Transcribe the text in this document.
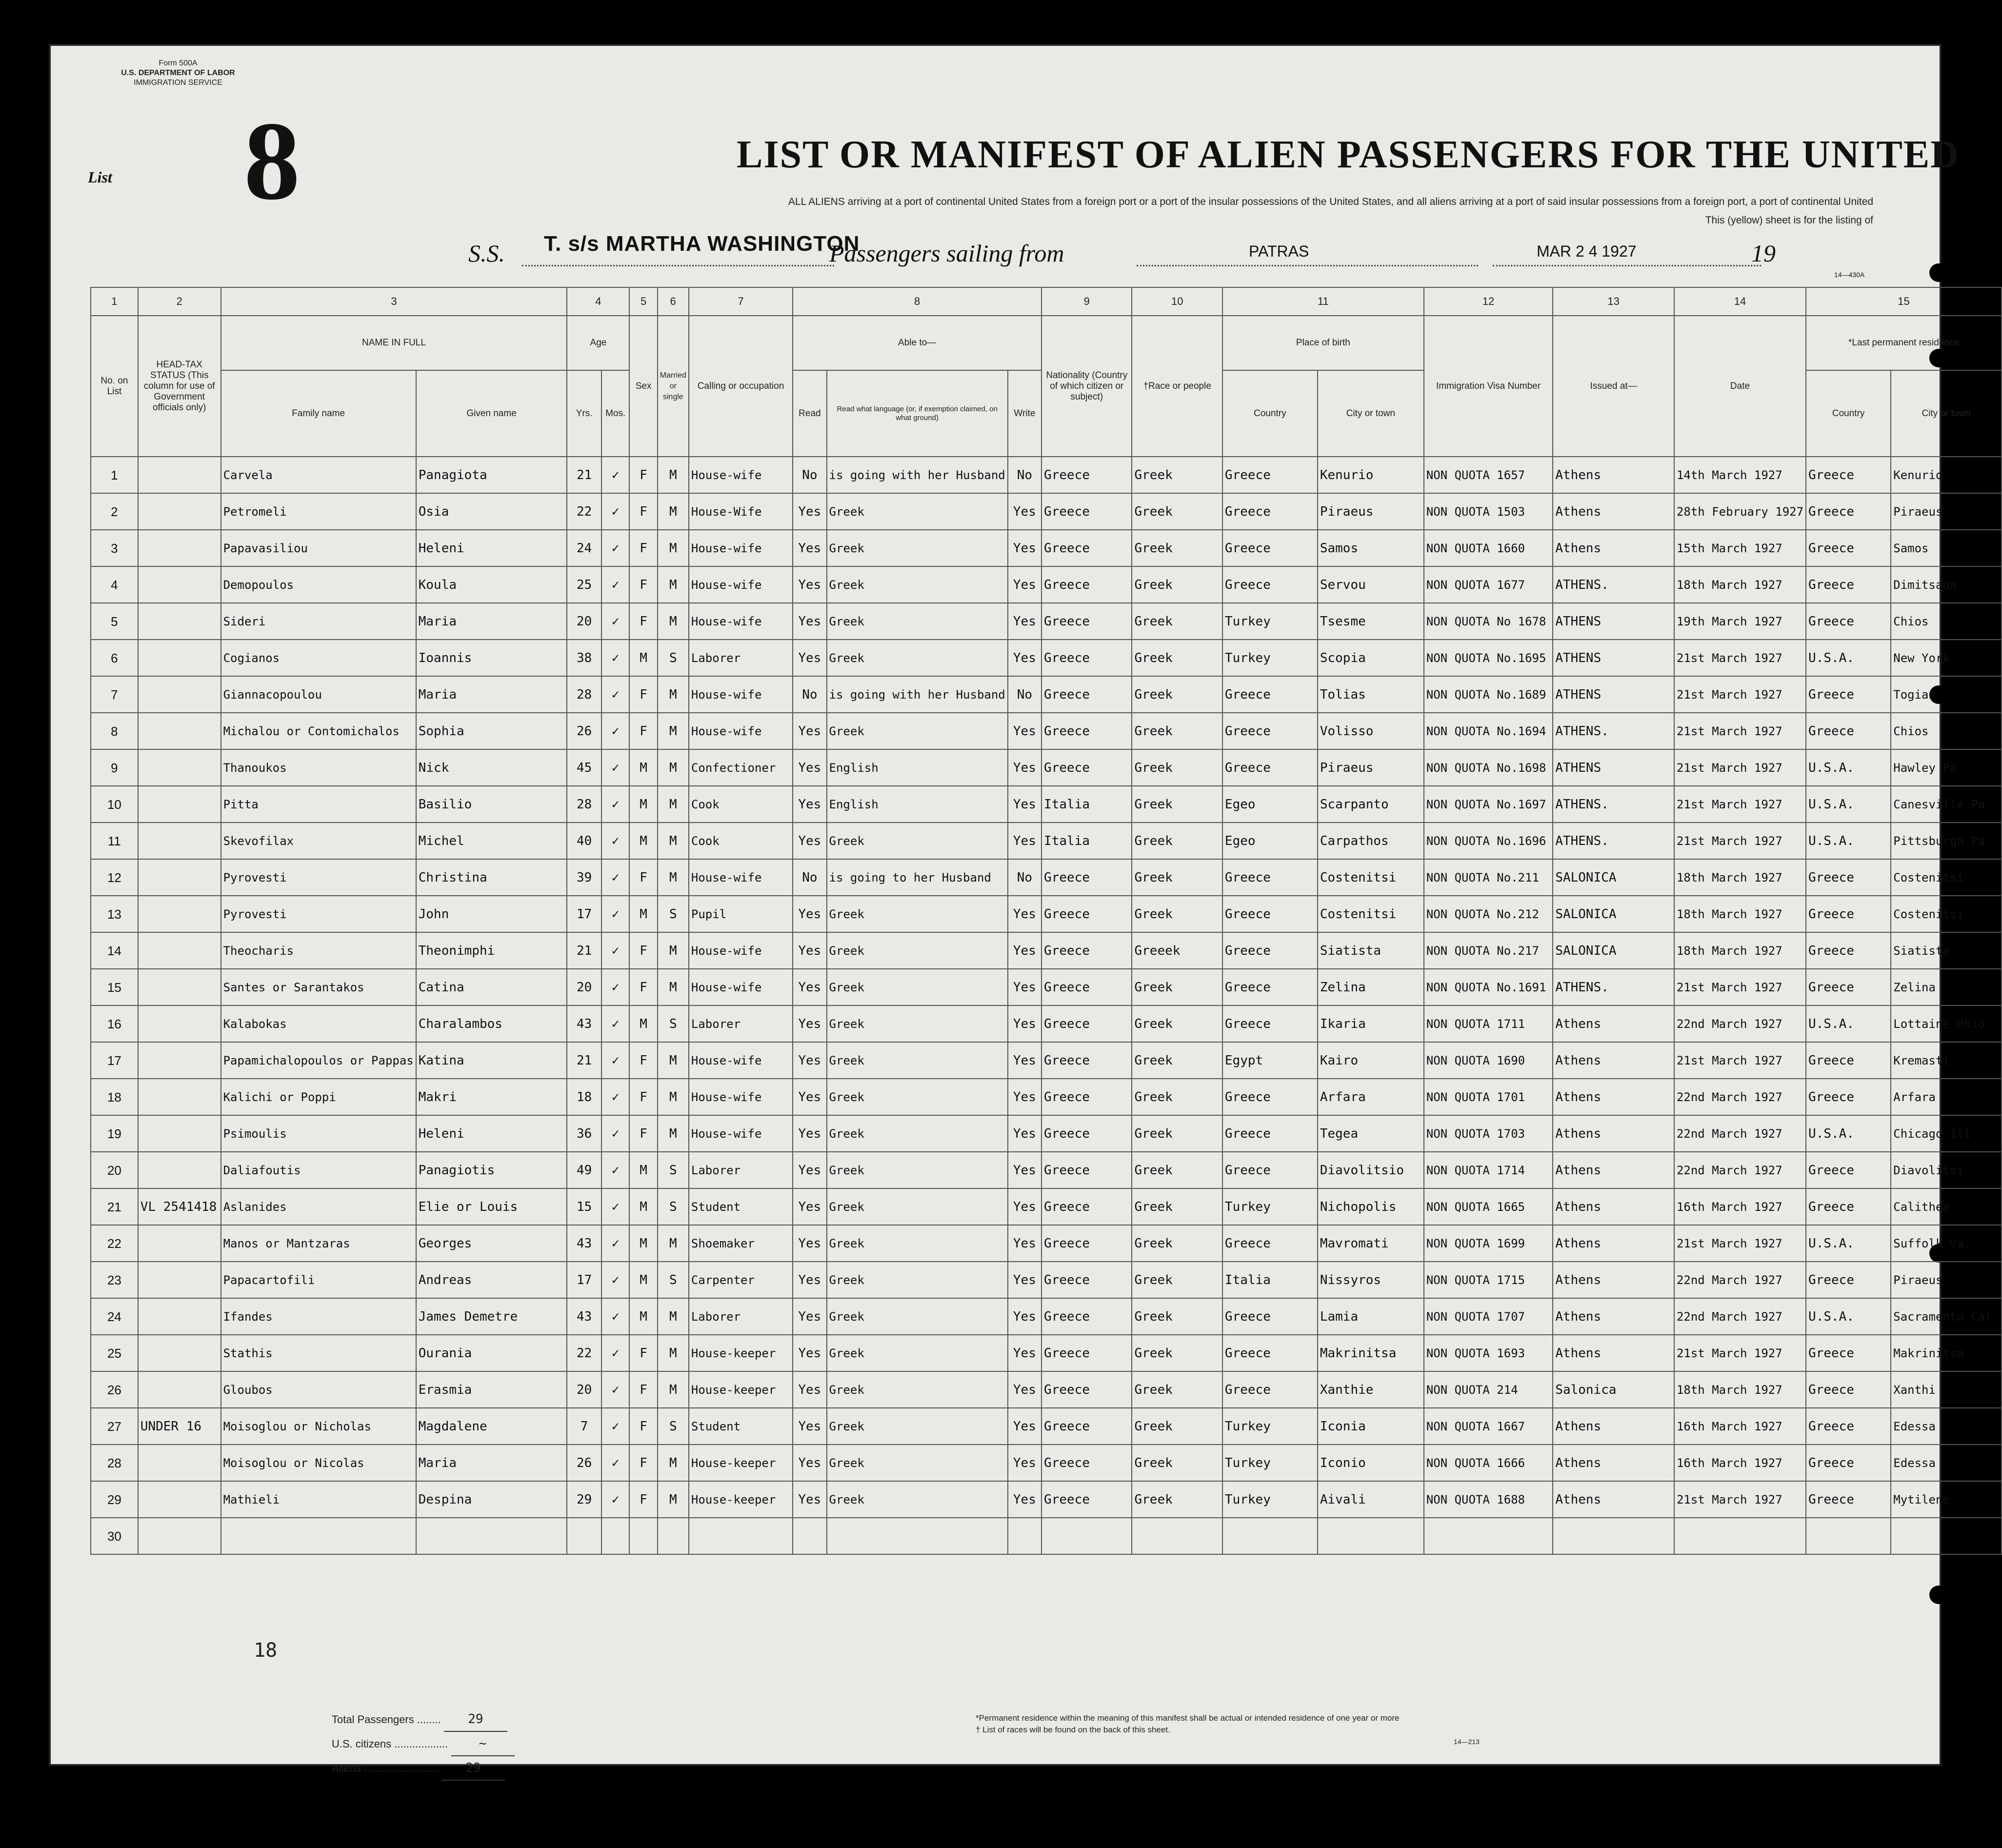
Form 500A
U.S. DEPARTMENT OF LABOR
IMMIGRATION SERVICE
List 8	LIST OR MANIFEST OF ALIEN PASSENGERS FOR THE UNITED
ALL ALIENS arriving at a port of continental United States from a foreign port or a port of the insular possessions of the United States, and all aliens arriving at a port of said insular possessions from a foreign port, a port of continental United
This (yellow) sheet is for the listing of
S.S. T. s/s MARTHA WASHINGTON
Passengers sailing from	PATRAS	MAR 2 4 1927	19
14—430A
1	2	3		4		5	6	7	8			9	10	11		12	13	14	15	
No. on List	HEAD-TAX STATUS (This column for use of Government officials only)	NAME IN FULL		Age		Sex	Married or single	Calling or occupation	Able to—			Nationality (Country of which citizen or subject)	†Race or people	Place of birth		Immigration Visa Number	Issued at—	Date	*Last permanent residence	
		Family name	Given name	Yrs.	Mos.				Read	Read what language (or, if exemption claimed, on what ground)	Write			Country	City or town				Country	City or town
1		Carvela	Panagiota	21	✓	F	M	House-wife	No	is going with her Husband	No	Greece	Greek	Greece	Kenurio	NON QUOTA 1657	Athens	14th March 1927	Greece	Kenurio
2		Petromeli	Osia	22	✓	F	M	House-Wife	Yes	Greek	Yes	Greece	Greek	Greece	Piraeus	NON QUOTA 1503	Athens	28th February 1927	Greece	Piraeus
3		Papavasiliou	Heleni	24	✓	F	M	House-wife	Yes	Greek	Yes	Greece	Greek	Greece	Samos	NON QUOTA 1660	Athens	15th March 1927	Greece	Samos
4		Demopoulos	Koula	25	✓	F	M	House-wife	Yes	Greek	Yes	Greece	Greek	Greece	Servou	NON QUOTA 1677	ATHENS.	18th March 1927	Greece	Dimitsana
5		Sideri	Maria	20	✓	F	M	House-wife	Yes	Greek	Yes	Greece	Greek	Turkey	Tsesme	NON QUOTA No 1678	ATHENS	19th March 1927	Greece	Chios
6		Cogianos	Ioannis	38	✓	M	S	Laborer	Yes	Greek	Yes	Greece	Greek	Turkey	Scopia	NON QUOTA No.1695	ATHENS	21st March 1927	U.S.A.	New York
7		Giannacopoulou	Maria	28	✓	F	M	House-wife	No	is going with her Husband	No	Greece	Greek	Greece	Tolias	NON QUOTA No.1689	ATHENS	21st March 1927	Greece	Togias
8		Michalou or Contomichalos	Sophia	26	✓	F	M	House-wife	Yes	Greek	Yes	Greece	Greek	Greece	Volisso	NON QUOTA No.1694	ATHENS.	21st March 1927	Greece	Chios
9		Thanoukos	Nick	45	✓	M	M	Confectioner	Yes	English	Yes	Greece	Greek	Greece	Piraeus	NON QUOTA No.1698	ATHENS	21st March 1927	U.S.A.	Hawley Pa
10		Pitta	Basilio	28	✓	M	M	Cook	Yes	English	Yes	Italia	Greek	Egeo	Scarpanto	NON QUOTA No.1697	ATHENS.	21st March 1927	U.S.A.	Canesville Pa
11		Skevofilax	Michel	40	✓	M	M	Cook	Yes	Greek	Yes	Italia	Greek	Egeo	Carpathos	NON QUOTA No.1696	ATHENS.	21st March 1927	U.S.A.	Pittsburgh Pa
12		Pyrovesti	Christina	39	✓	F	M	House-wife	No	is going to her Husband	No	Greece	Greek	Greece	Costenitsi	NON QUOTA No.211	SALONICA	18th March 1927	Greece	Costenitsi
13		Pyrovesti	John	17	✓	M	S	Pupil	Yes	Greek	Yes	Greece	Greek	Greece	Costenitsi	NON QUOTA No.212	SALONICA	18th March 1927	Greece	Costenitsi
14		Theocharis	Theonimphi	21	✓	F	M	House-wife	Yes	Greek	Yes	Greece	Greeek	Greece	Siatista	NON QUOTA No.217	SALONICA	18th March 1927	Greece	Siatista
15		Santes or Sarantakos	Catina	20	✓	F	M	House-wife	Yes	Greek	Yes	Greece	Greek	Greece	Zelina	NON QUOTA No.1691	ATHENS.	21st March 1927	Greece	Zelina
16		Kalabokas	Charalambos	43	✓	M	S	Laborer	Yes	Greek	Yes	Greece	Greek	Greece	Ikaria	NON QUOTA 1711	Athens	22nd March 1927	U.S.A.	Lottaine Ohio
17		Papamichalopoulos or Pappas	Katina	21	✓	F	M	House-wife	Yes	Greek	Yes	Greece	Greek	Egypt	Kairo	NON QUOTA 1690	Athens	21st March 1927	Greece	Kremasti
18		Kalichi or Poppi	Makri	18	✓	F	M	House-wife	Yes	Greek	Yes	Greece	Greek	Greece	Arfara	NON QUOTA 1701	Athens	22nd March 1927	Greece	Arfara
19		Psimoulis	Heleni	36	✓	F	M	House-wife	Yes	Greek	Yes	Greece	Greek	Greece	Tegea	NON QUOTA 1703	Athens	22nd March 1927	U.S.A.	Chicago Ill
20		Daliafoutis	Panagiotis	49	✓	M	S	Laborer	Yes	Greek	Yes	Greece	Greek	Greece	Diavolitsio	NON QUOTA 1714	Athens	22nd March 1927	Greece	Diavolitsi
21	VL 2541418	Aslanides	Elie or Louis	15	✓	M	S	Student	Yes	Greek	Yes	Greece	Greek	Turkey	Nichopolis	NON QUOTA 1665	Athens	16th March 1927	Greece	Calithea
22		Manos or Mantzaras	Georges	43	✓	M	M	Shoemaker	Yes	Greek	Yes	Greece	Greek	Greece	Mavromati	NON QUOTA 1699	Athens	21st March 1927	U.S.A.	Suffolk Va.
23		Papacartofili	Andreas	17	✓	M	S	Carpenter	Yes	Greek	Yes	Greece	Greek	Italia	Nissyros	NON QUOTA 1715	Athens	22nd March 1927	Greece	Piraeus
24		Ifandes	James Demetre	43	✓	M	M	Laborer	Yes	Greek	Yes	Greece	Greek	Greece	Lamia	NON QUOTA 1707	Athens	22nd March 1927	U.S.A.	Sacramento Cal.
25		Stathis	Ourania	22	✓	F	M	House-keeper	Yes	Greek	Yes	Greece	Greek	Greece	Makrinitsa	NON QUOTA 1693	Athens	21st March 1927	Greece	Makrinitsa
26		Gloubos	Erasmia	20	✓	F	M	House-keeper	Yes	Greek	Yes	Greece	Greek	Greece	Xanthie	NON QUOTA 214	Salonica	18th March 1927	Greece	Xanthi
27	UNDER 16	Moisoglou or Nicholas	Magdalene	7	✓	F	S	Student	Yes	Greek	Yes	Greece	Greek	Turkey	Iconia	NON QUOTA 1667	Athens	16th March 1927	Greece	Edessa
28		Moisoglou or Nicolas	Maria	26	✓	F	M	House-keeper	Yes	Greek	Yes	Greece	Greek	Turkey	Iconio	NON QUOTA 1666	Athens	16th March 1927	Greece	Edessa
29		Mathieli	Despina	29	✓	F	M	House-keeper	Yes	Greek	Yes	Greece	Greek	Turkey	Aivali	NON QUOTA 1688	Athens	21st March 1927	Greece	Mytilene
30																				
Total Passengers ........ 29
U.S. citizens .................. ~
Aliens ......................... 29
18
*Permanent residence within the meaning of this manifest shall be actual or intended residence of one year or more
† List of races will be found on the back of this sheet.
14—213
